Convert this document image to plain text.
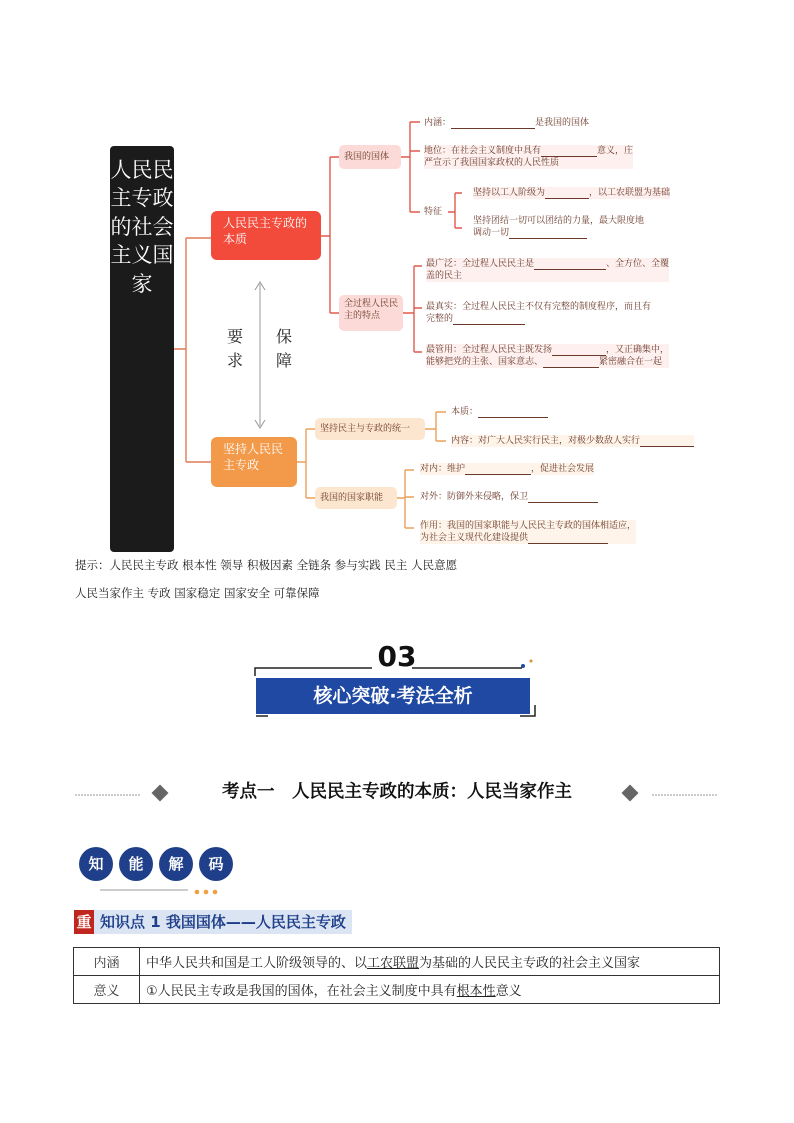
人民民主专政的社会主义国家
人民民主专政的本质
坚持人民民主专政
要求
保障
我国的国体
全过程人民民主的特点
坚持民主与专政的统一
我国的国家职能
内涵：	是我国的国体
地位：在社会主义制度中具有	意义，庄
严宣示了我国国家政权的人民性质
特征
坚持以工人阶级为	，以工农联盟为基础
坚持团结一切可以团结的力量，最大限度地
调动一切
最广泛：全过程人民民主是	、全方位、全覆
盖的民主
最真实：全过程人民民主不仅有完整的制度程序，而且有
完整的
最管用：全过程人民民主既发扬	，又正确集中，
能够把党的主张、国家意志、	紧密融合在一起
本质：
内容：对广大人民实行民主，对极少数敌人实行
对内：维护	，促进社会发展
对外：防御外来侵略，保卫
作用：我国的国家职能与人民民主专政的国体相适应，
为社会主义现代化建设提供
提示：人民民主专政 根本性 领导 积极因素 全链条 参与实践 民主 人民意愿
人民当家作主 专政 国家稳定 国家安全 可靠保障
03
核心突破·考法全析
考点一　人民民主专政的本质：人民当家作主
知	能	解	码
重 知识点 1 我国国体——人民民主专政
内涵	中华人民共和国是工人阶级领导的、以工农联盟为基础的人民民主专政的社会主义国家
意义	①人民民主专政是我国的国体，在社会主义制度中具有根本性意义
